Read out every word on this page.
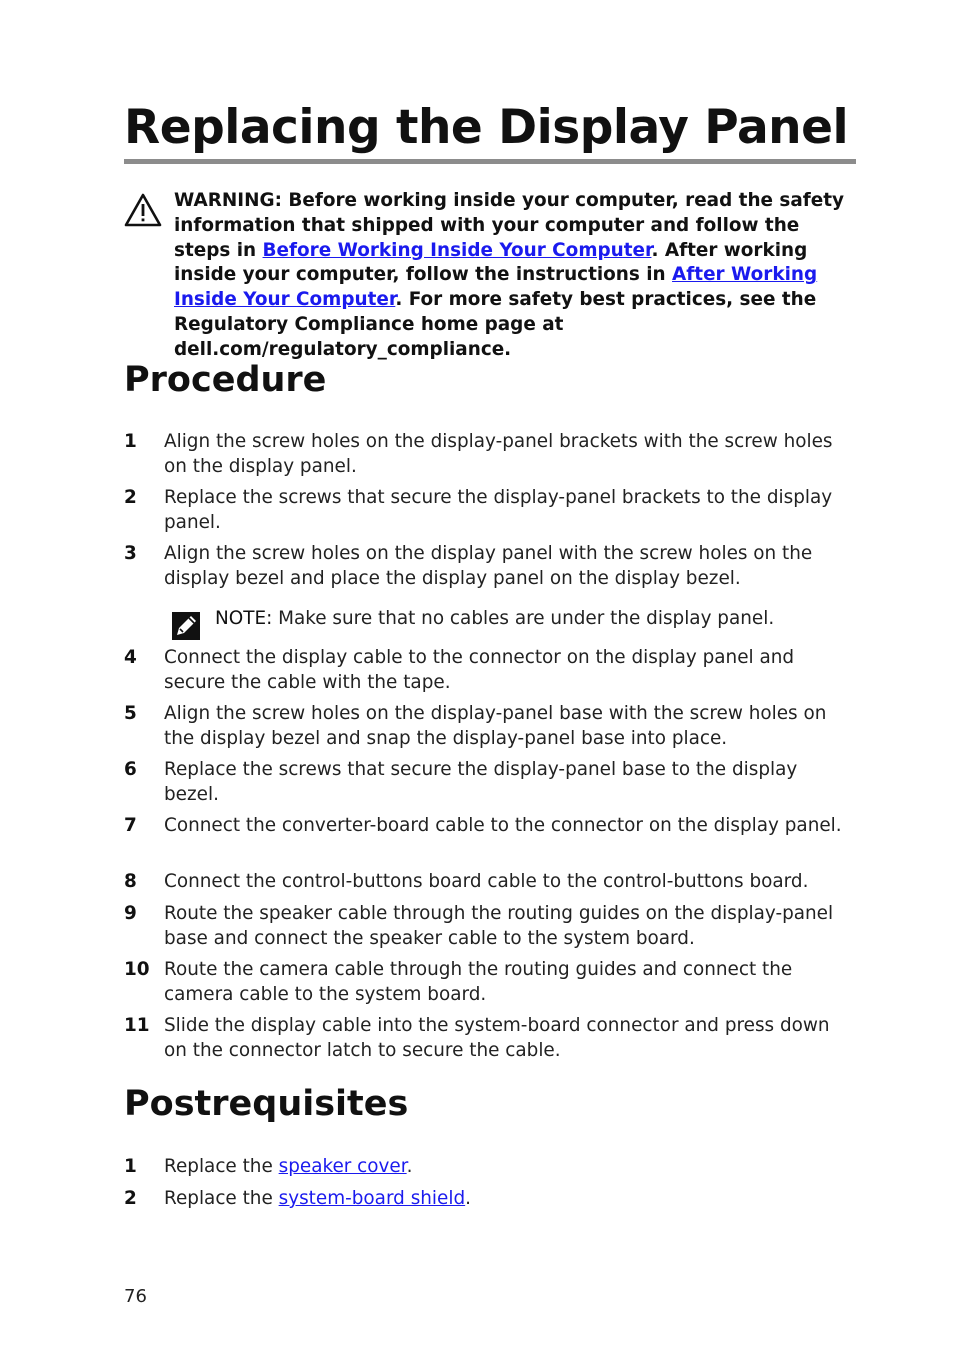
Replacing the Display Panel
WARNING: Before working inside your computer, read the safety information that shipped with your computer and follow the steps in Before Working Inside Your Computer. After working inside your computer, follow the instructions in After Working Inside Your Computer. For more safety best practices, see the Regulatory Compliance home page at dell.com/regulatory_compliance.
Procedure
1 Align the screw holes on the display-panel brackets with the screw holes on the display panel.
2 Replace the screws that secure the display-panel brackets to the display panel.
3 Align the screw holes on the display panel with the screw holes on the display bezel and place the display panel on the display bezel.
4 Connect the display cable to the connector on the display panel and secure the cable with the tape.
5 Align the screw holes on the display-panel base with the screw holes on the display bezel and snap the display-panel base into place.
6 Replace the screws that secure the display-panel base to the display bezel.
7 Connect the converter-board cable to the connector on the display panel.
8 Connect the control-buttons board cable to the control-buttons board.
9 Route the speaker cable through the routing guides on the display-panel base and connect the speaker cable to the system board.
10 Route the camera cable through the routing guides and connect the camera cable to the system board.
11 Slide the display cable into the system-board connector and press down on the connector latch to secure the cable.
NOTE: Make sure that no cables are under the display panel.
Postrequisites
1 Replace the speaker cover.
2 Replace the system-board shield.
76
